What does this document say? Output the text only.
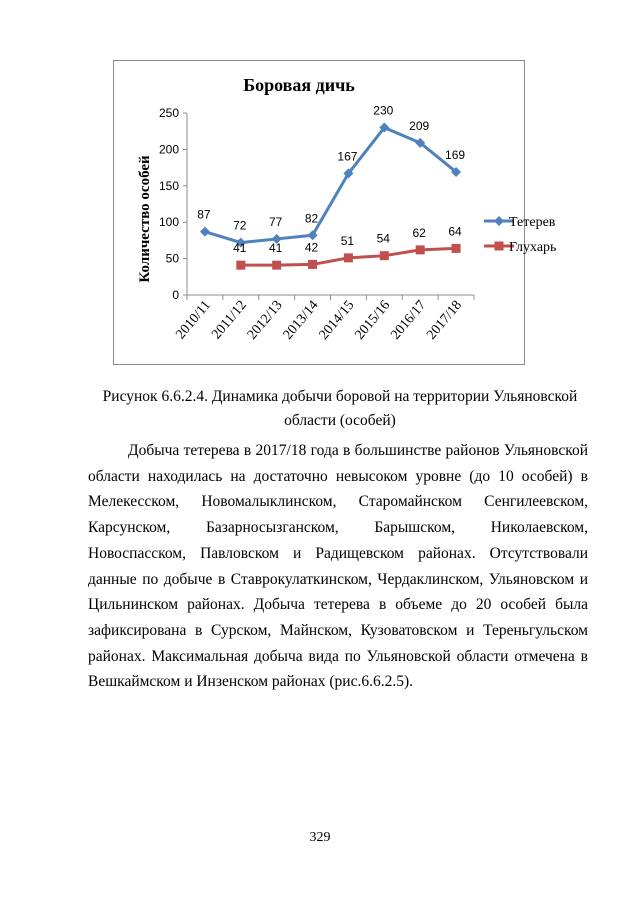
Боровая дичь
Количество особей
0
50
100
150
200
250
2010/11
2011/12
2012/13
2013/14
2014/15
2015/16
2016/17
2017/18
87
72 77 82
167
230
209
169
41 41 42 51 54 62 64
Тетерев
Глухарь
Рисунок 6.6.2.4. Динамика добычи боровой на территории Ульяновской области (особей)

Добыча тетерева в 2017/18 года в большинстве районов Ульяновской области находилась на достаточно невысоком уровне (до 10 особей) в Мелекесском, Новомалыклинском, Старомайнском Сенгилеевском, Карсунском, Базарносызганском, Барышском, Николаевском, Новоспасском, Павловском и Радищевском районах. Отсутствовали данные по добыче в Ставрокулаткинском, Чердаклинском, Ульяновском и Цильнинском районах. Добыча тетерева в объеме до 20 особей была зафиксирована в Сурском, Майнском, Кузоватовском и Тереньгульском районах. Максимальная добыча вида по Ульяновской области отмечена в Вешкаймском и Инзенском районах (рис.6.6.2.5).

329
